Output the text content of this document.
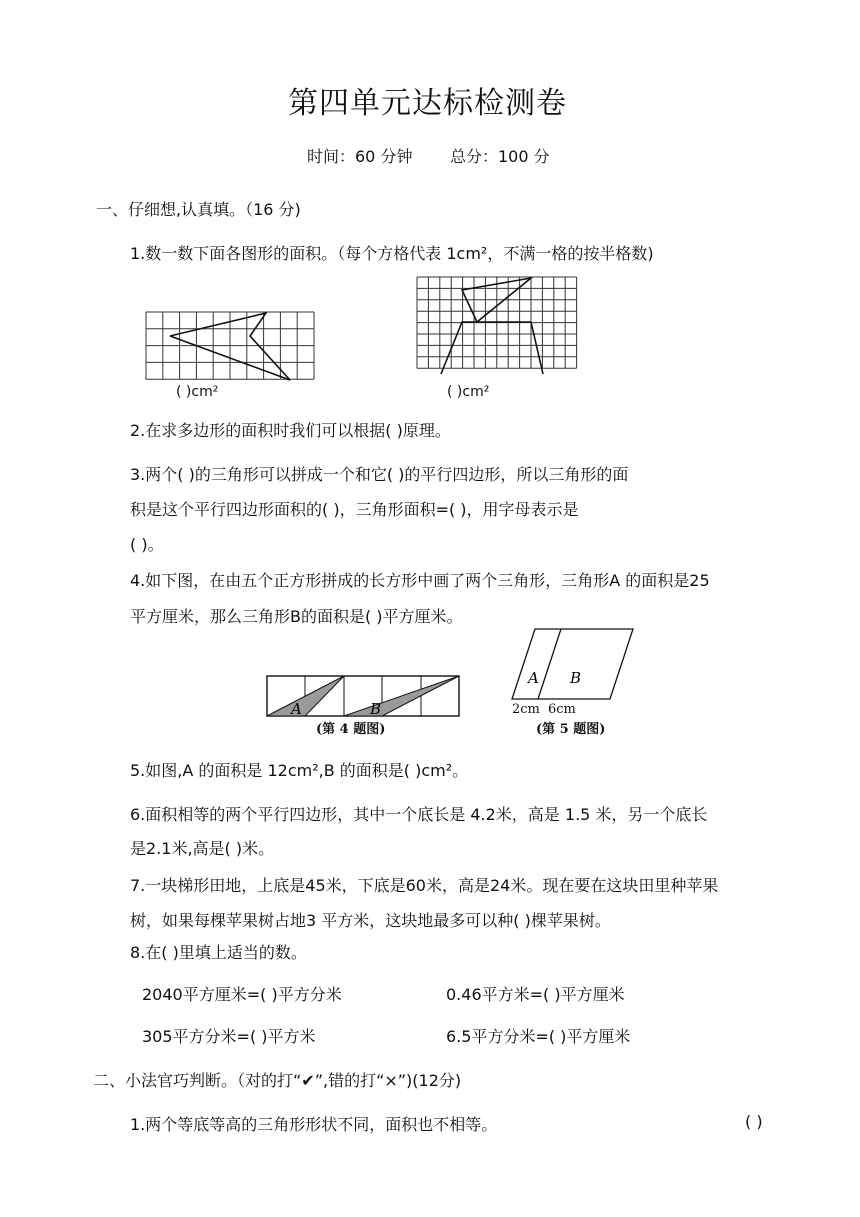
第四单元达标检测卷
时间：60 分钟 总分：100 分
一、仔细想,认真填。（16 分)
1.数一数下面各图形的面积。（每个方格代表 1cm²，不满一格的按半格数)
( )cm²	( )cm²
2.在求多边形的面积时我们可以根据( )原理。
3.两个( )的三角形可以拼成一个和它( )的平行四边形，所以三角形的面
积是这个平行四边形面积的( )，三角形面积=( )，用字母表示是
( )。
4.如下图，在由五个正方形拼成的长方形中画了两个三角形，三角形A 的面积是25
平方厘米，那么三角形B的面积是( )平方厘米。
A	B
(第 4 题图)
A B
2cm 6cm
(第 5 题图)
5.如图,A 的面积是 12cm²,B 的面积是( )cm²。
6.面积相等的两个平行四边形，其中一个底长是 4.2米，高是 1.5 米，另一个底长
是2.1米,高是( )米。
7.一块梯形田地，上底是45米，下底是60米，高是24米。现在要在这块田里种苹果
树，如果每棵苹果树占地3 平方米，这块地最多可以种( )棵苹果树。
8.在( )里填上适当的数。
2040平方厘米=( )平方分米	0.46平方米=( )平方厘米
305平方分米=( )平方米	6.5平方分米=( )平方厘米
二、小法官巧判断。（对的打“✔”,错的打“×”)(12分)
1.两个等底等高的三角形形状不同，面积也不相等。	( )
